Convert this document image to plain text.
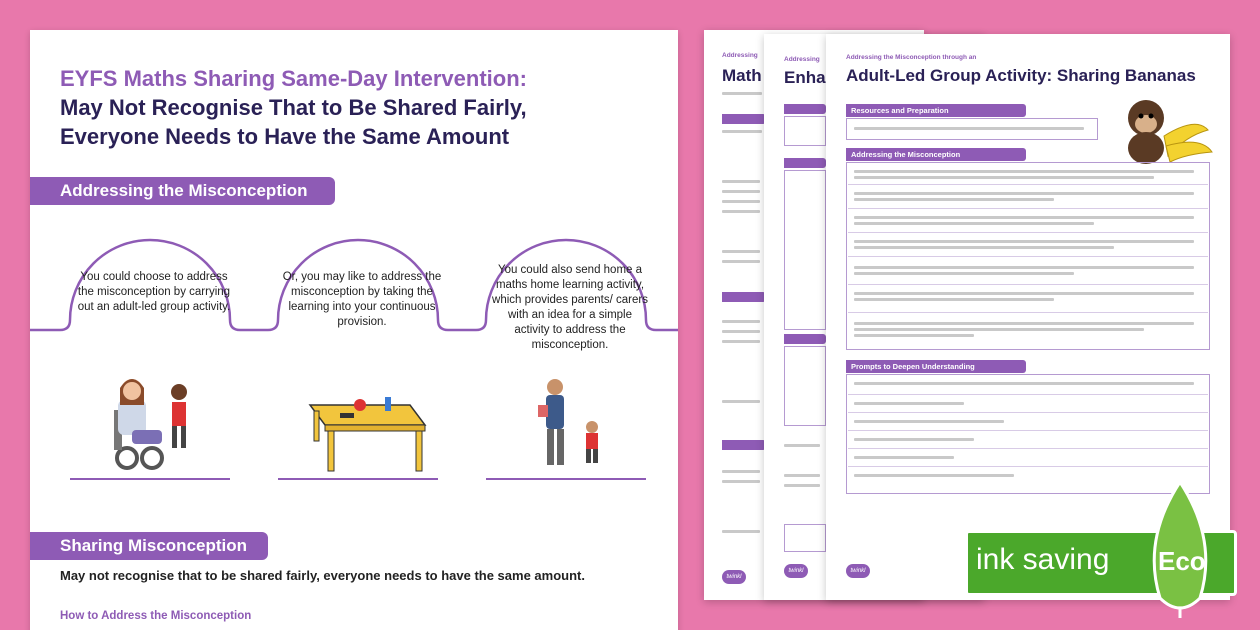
EYFS Maths Sharing Same-Day Intervention:
May Not Recognise That to Be Shared Fairly,
Everyone Needs to Have the Same Amount
Addressing the Misconception
You could choose to address the misconception by carrying out an adult-led group activity.
Or, you may like to address the misconception by taking the learning into your continuous provision.
You could also send home a maths home learning activity, which provides parents/ carers with an idea for a simple activity to address the misconception.
Sharing Misconception
May not recognise that to be shared fairly, everyone needs to have the same amount.
How to Address the Misconception
Addressing
Math
twinkl
Addressing
Enha
twinkl
Addressing the Misconception through an
Adult-Led Group Activity: Sharing Bananas
Resources and Preparation
Addressing the Misconception
Prompts to Deepen Understanding
twinkl	ink saving Eco
